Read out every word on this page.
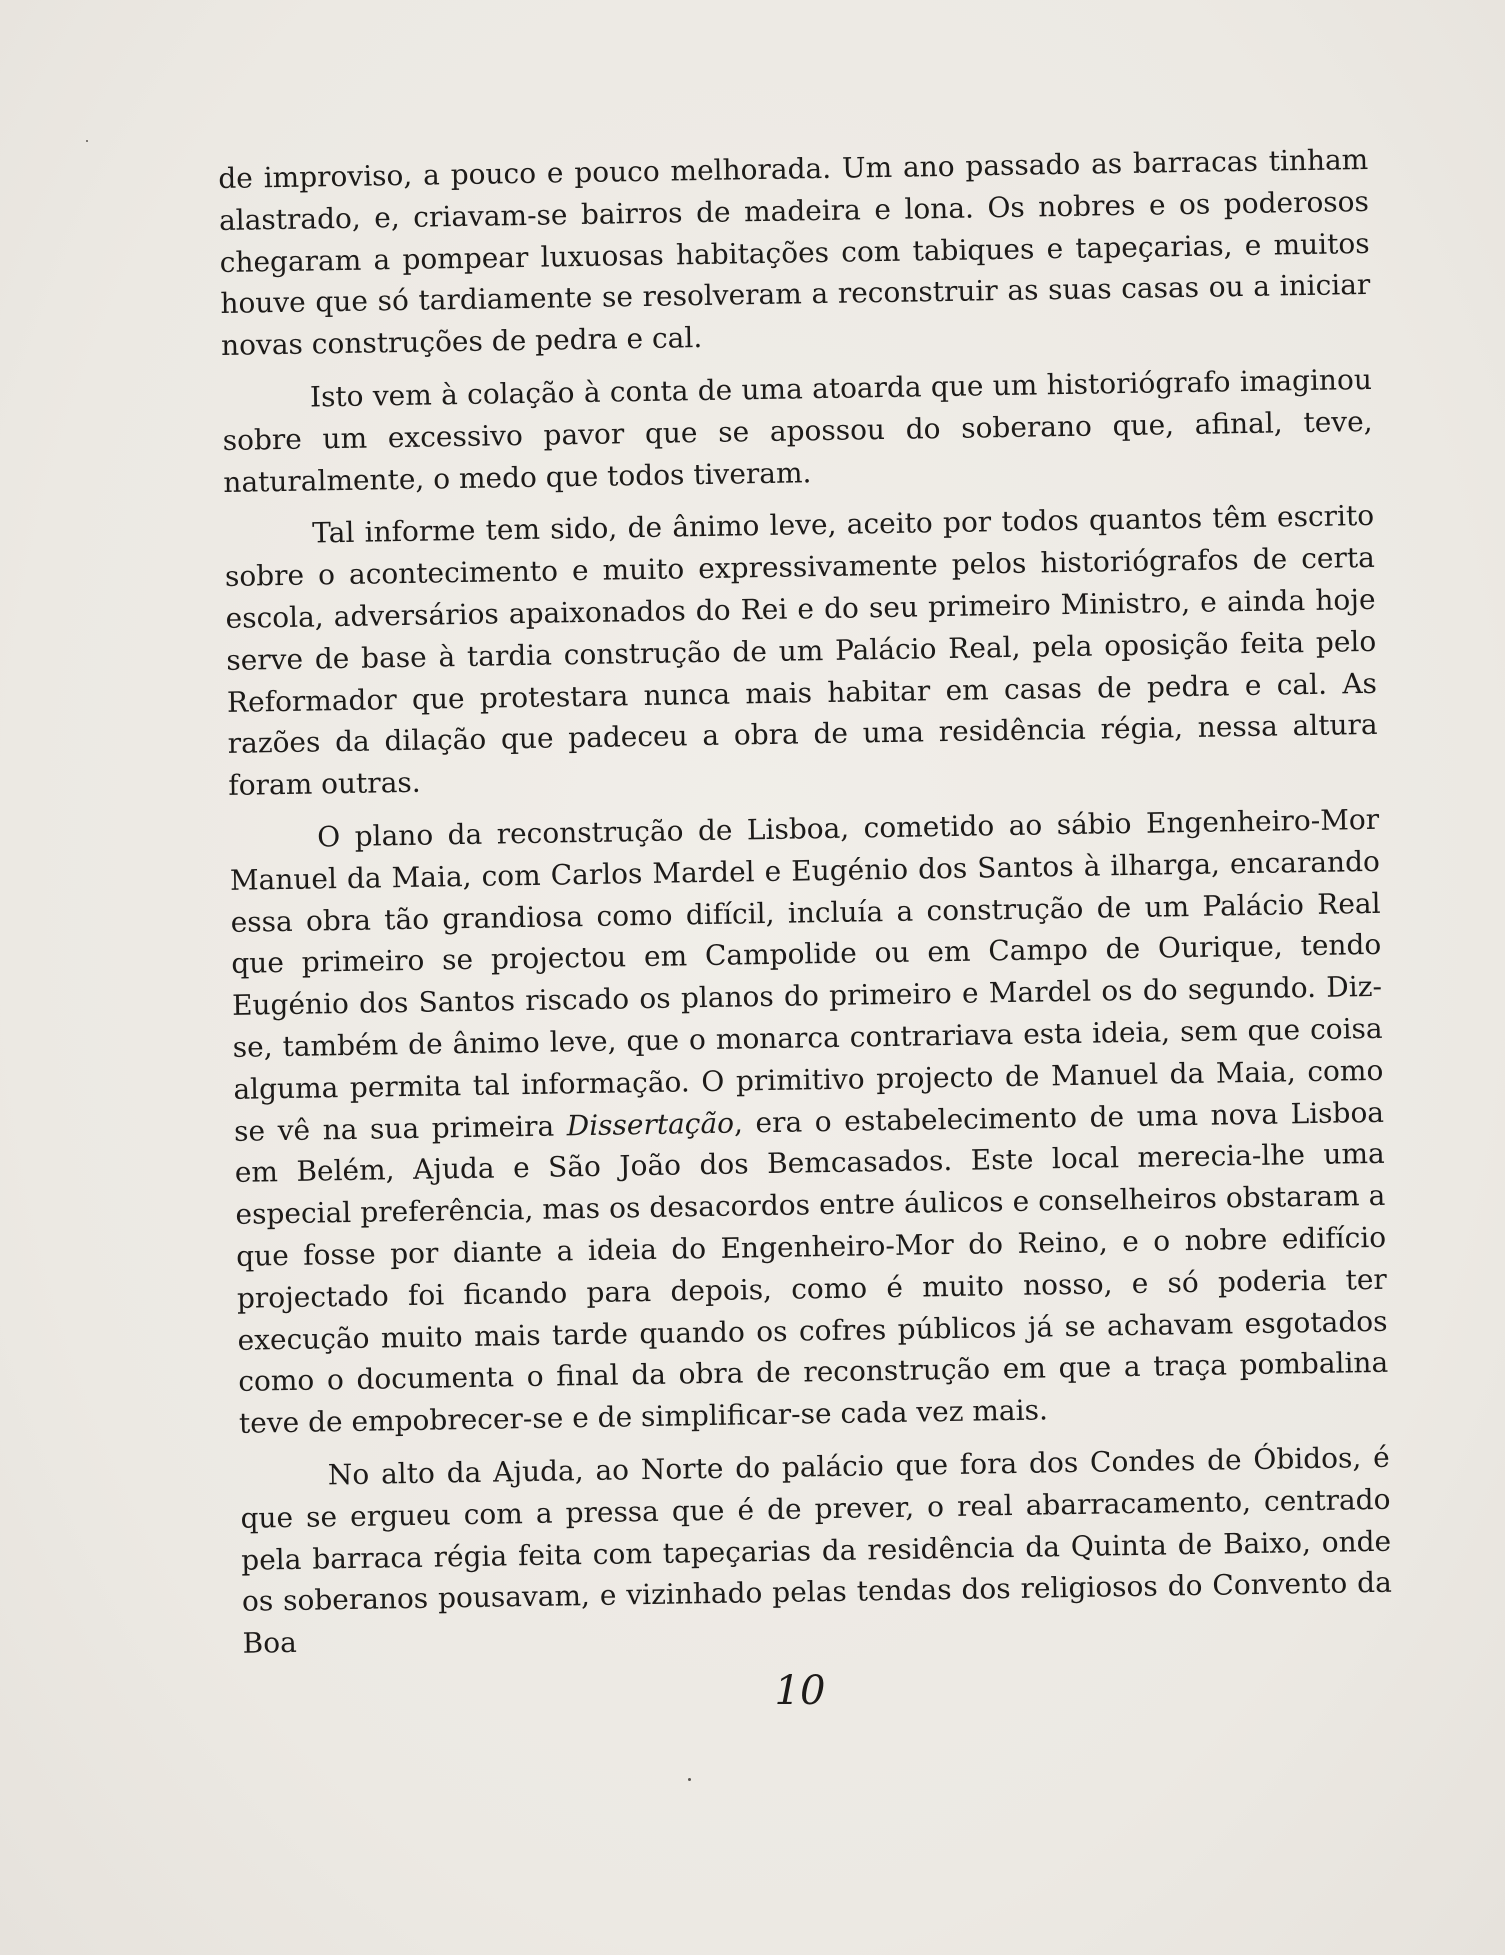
de improviso, a pouco e pouco melhorada. Um ano passado as barracas tinham alastrado, e, criavam-se bairros de madeira e lona. Os nobres e os poderosos chegaram a pompear luxuosas habitações com tabiques e tapeçarias, e muitos houve que só tardiamente se resolveram a reconstruir as suas casas ou a iniciar novas construções de pedra e cal.

Isto vem à colação à conta de uma atoarda que um historiógrafo imaginou sobre um excessivo pavor que se apossou do soberano que, afinal, teve, naturalmente, o medo que todos tiveram.

Tal informe tem sido, de ânimo leve, aceito por todos quantos têm escrito sobre o acontecimento e muito expressivamente pelos historiógrafos de certa escola, adversários apaixonados do Rei e do seu primeiro Ministro, e ainda hoje serve de base à tardia construção de um Palácio Real, pela oposição feita pelo Reformador que protestara nunca mais habitar em casas de pedra e cal. As razões da dilação que padeceu a obra de uma residência régia, nessa altura foram outras.

O plano da reconstrução de Lisboa, cometido ao sábio Engenheiro-Mor Manuel da Maia, com Carlos Mardel e Eugénio dos Santos à ilharga, encarando essa obra tão grandiosa como difícil, incluía a construção de um Palácio Real que primeiro se projectou em Campolide ou em Campo de Ourique, tendo Eugénio dos Santos riscado os planos do primeiro e Mardel os do segundo. Diz-se, também de ânimo leve, que o monarca contrariava esta ideia, sem que coisa alguma permita tal informação. O primitivo projecto de Manuel da Maia, como se vê na sua primeira Dissertação, era o estabelecimento de uma nova Lisboa em Belém, Ajuda e São João dos Bemcasados. Este local merecia-lhe uma especial preferência, mas os desacordos entre áulicos e conselheiros obstaram a que fosse por diante a ideia do Engenheiro-Mor do Reino, e o nobre edifício projectado foi ficando para depois, como é muito nosso, e só poderia ter execução muito mais tarde quando os cofres públicos já se achavam esgotados como o documenta o final da obra de reconstrução em que a traça pombalina teve de empobrecer-se e de simplificar-se cada vez mais.

No alto da Ajuda, ao Norte do palácio que fora dos Condes de Óbidos, é que se ergueu com a pressa que é de prever, o real abarracamento, centrado pela barraca régia feita com tapeçarias da residência da Quinta de Baixo, onde os soberanos pousavam, e vizinhado pelas tendas dos religiosos do Convento da Boa

10
